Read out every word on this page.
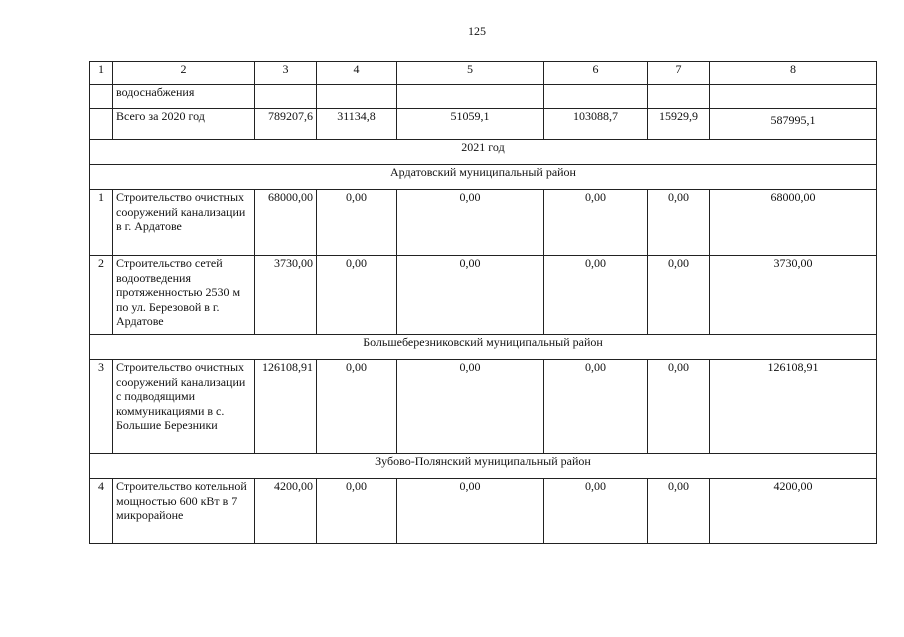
125
1	2	3	4	5	6	7	8
	водоснабжения						
	Всего за 2020 год	789207,6	31134,8	51059,1	103088,7	15929,9	587995,1
2021 год							
Ардатовский муниципальный район							
1	Строительство очистных сооружений канализации в г. Ардатове	68000,00	0,00	0,00	0,00	0,00	68000,00
2	Строительство сетей водоотведения протяженностью 2530 м по ул. Березовой в г. Ардатове	3730,00	0,00	0,00	0,00	0,00	3730,00
Большеберезниковский муниципальный район							
3	Строительство очистных сооружений канализации с подводящими коммуникациями в с. Большие Березники	126108,91	0,00	0,00	0,00	0,00	126108,91
Зубово-Полянский муниципальный район							
4	Строительство котельной мощностью 600 кВт в 7 микрорайоне	4200,00	0,00	0,00	0,00	0,00	4200,00
